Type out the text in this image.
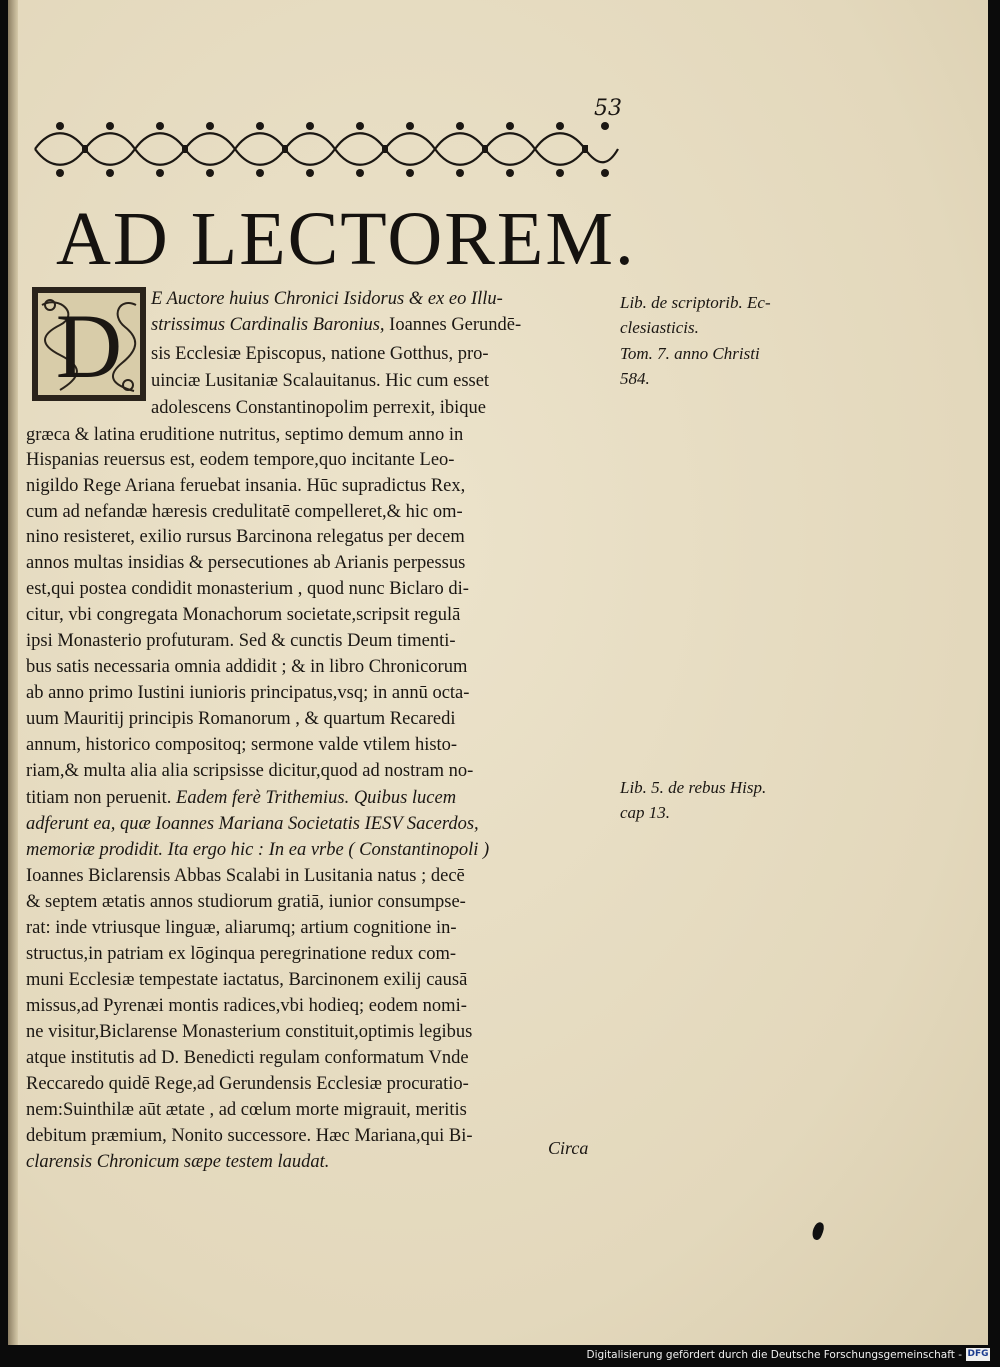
53
AD LECTOREM.
D E Auctore huius Chronici Isidorus & ex eo Illu-
strissimus Cardinalis Baronius, Ioannes Gerundē-
sis Ecclesiæ Episcopus, natione Gotthus, pro-
uinciæ Lusitaniæ Scalauitanus. Hic cum esset
adolescens Constantinopolim perrexit, ibique
græca & latina eruditione nutritus, septimo demum anno in
Hispanias reuersus est, eodem tempore,quo incitante Leo-
nigildo Rege Ariana feruebat insania. Hūc supradictus Rex,
cum ad nefandæ hæresis credulitatē compelleret,& hic om-
nino resisteret, exilio rursus Barcinona relegatus per decem
annos multas insidias & persecutiones ab Arianis perpessus
est,qui postea condidit monasterium , quod nunc Biclaro di-
citur, vbi congregata Monachorum societate,scripsit regulā
ipsi Monasterio profuturam. Sed & cunctis Deum timenti-
bus satis necessaria omnia addidit ; & in libro Chronicorum
ab anno primo Iustini iunioris principatus,vsq; in annū octa-
uum Mauritij principis Romanorum , & quartum Recaredi
annum, historico compositoq; sermone valde vtilem histo-
riam,& multa alia alia scripsisse dicitur,quod ad nostram no-
titiam non peruenit. Eadem ferè Trithemius. Quibus lucem
adferunt ea, quæ Ioannes Mariana Societatis IESV Sacerdos,
memoriæ prodidit. Ita ergo hic : In ea vrbe ( Constantinopoli )
Ioannes Biclarensis Abbas Scalabi in Lusitania natus ; decē
& septem ætatis annos studiorum gratiā, iunior consumpse-
rat: inde vtriusque linguæ, aliarumq; artium cognitione in-
structus,in patriam ex lōginqua peregrinatione redux com-
muni Ecclesiæ tempestate iactatus, Barcinonem exilij causā
missus,ad Pyrenæi montis radices,vbi hodieq; eodem nomi-
ne visitur,Biclarense Monasterium constituit,optimis legibus
atque institutis ad D. Benedicti regulam conformatum Vnde
Reccaredo quidē Rege,ad Gerundensis Ecclesiæ procuratio-
nem:Suinthilæ aūt ætate , ad cœlum morte migrauit, meritis
debitum præmium, Nonito successore. Hæc Mariana,qui Bi-
clarensis Chronicum sæpe testem laudat.
Lib. de scriptorib. Ec-
clesiasticis.
Tom. 7. anno Christi
584.
Lib. 5. de rebus Hisp.
cap 13.
Circa
Digitalisierung gefördert durch die Deutsche Forschungsgemeinschaft - DFG
